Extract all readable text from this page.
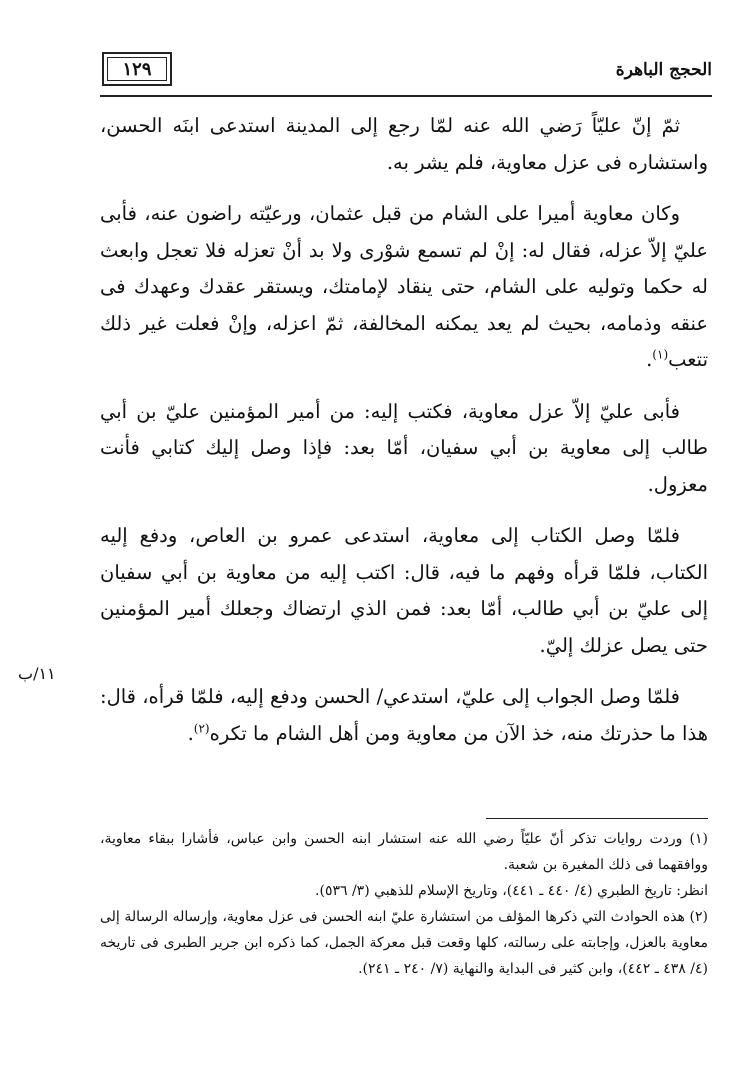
١٢٩	الحجج الباهرة

ثمّ إنّ عليّاً رَضي الله عنه لمّا رجع إلى المدينة استدعى ابنَه الحسن، واستشاره فى عزل معاوية، فلم يشر به.

وكان معاوية أميرا على الشام من قبل عثمان، ورعيّته راضون عنه، فأبى عليّ إلاّ عزله، فقال له: إنْ لم تسمع شوْرى ولا بد أنْ تعزله فلا تعجل وابعث له حكما وتوليه على الشام، حتى ينقاد لإمامتك، ويستقر عقدك وعهدك فى عنقه وذمامه، بحيث لم يعد يمكنه المخالفة، ثمّ اعزله، وإنْ فعلت غير ذلك تتعب$^{(١)}$.

فأبى عليّ إلاّ عزل معاوية، فكتب إليه: من أمير المؤمنين عليّ بن أبي طالب إلى معاوية بن أبي سفيان، أمّا بعد: فإذا وصل إليك كتابي فأنت معزول.

فلمّا وصل الكتاب إلى معاوية، استدعى عمرو بن العاص، ودفع إليه الكتاب، فلمّا قرأه وفهم ما فيه، قال: اكتب إليه من معاوية بن أبي سفيان إلى عليّ بن أبي طالب، أمّا بعد: فمن الذي ارتضاك وجعلك أمير المؤمنين حتى يصل عزلك إليّ.

فلمّا وصل الجواب إلى عليّ، استدعي/ الحسن ودفع إليه، فلمّا قرأه، قال: هذا ما حذرتك منه، خذ الآن من معاوية ومن أهل الشام ما تكره$^{(٢)}$.

١١/ب

(١) وردت روايات تذكر أنّ عليّاً رضي الله عنه استشار ابنه الحسن وابن عباس، فأشارا ببقاء معاوية، ووافقهما فى ذلك المغيرة بن شعبة.

انظر: تاريخ الطبري (٤/ ٤٤٠ ـ ٤٤١)، وتاريخ الإسلام للذهبي (٣/ ٥٣٦).

(٢) هذه الحوادث التي ذكرها المؤلف من استشارة عليّ ابنه الحسن فى عزل معاوية، وإرساله الرسالة إلى معاوية بالعزل، وإجابته على رسالته، كلها وقعت قبل معركة الجمل، كما ذكره ابن جرير الطبرى فى تاريخه (٤/ ٤٣٨ ـ ٤٤٢)، وابن كثير فى البداية والنهاية (٧/ ٢٤٠ ـ ٢٤١).
